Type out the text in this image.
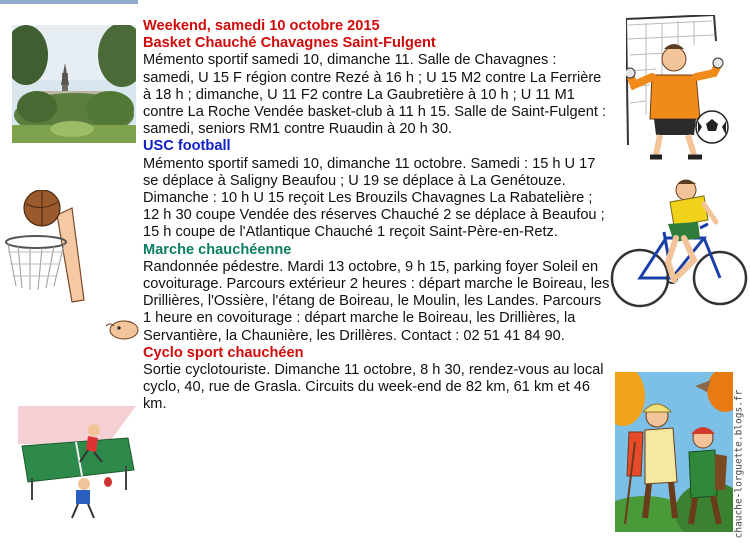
chauche-lorguette.blogs.fr

Weekend, samedi 10 octobre 2015

Basket Chauché Chavagnes Saint-Fulgent

Mémento sportif samedi 10, dimanche 11. Salle de Chavagnes : samedi, U 15 F région contre Rezé à 16 h ; U 15 M2 contre La Ferrière à 18 h ; dimanche, U 11 F2 contre La Gaubretière à 10 h ; U 11 M1 contre La Roche Vendée basket-club à 11 h 15. Salle de Saint-Fulgent : samedi, seniors RM1 contre Ruaudin à 20 h 30.

USC football

Mémento sportif samedi 10, dimanche 11 octobre. Samedi : 15 h U 17 se déplace à Saligny Beaufou ; U 19 se déplace à La Genétouze. Dimanche : 10 h U 15 reçoit Les Brouzils Chavagnes La Rabatelière ; 12 h 30 coupe Vendée des réserves Chauché 2 se déplace à Beaufou ; 15 h coupe de l'Atlantique Chauché 1 reçoit Saint-Père-en-Retz.

Marche chauchéenne

Randonnée pédestre. Mardi 13 octobre, 9 h 15, parking foyer Soleil en covoiturage. Parcours extérieur 2 heures : départ marche le Boireau, les Drillières, l'Ossière, l'étang de Boireau, le Moulin, les Landes. Parcours 1 heure en covoiturage : départ marche le Boireau, les Drillières, la Servantière, la Chaunière, les Drillères. Contact : 02 51 41 84 90.

Cyclo sport chauchéen

Sortie cyclotouriste. Dimanche 11 octobre, 8 h 30, rendez-vous au local cyclo, 40, rue de Grasla. Circuits du week-end de 82 km, 61 km et 46 km.
